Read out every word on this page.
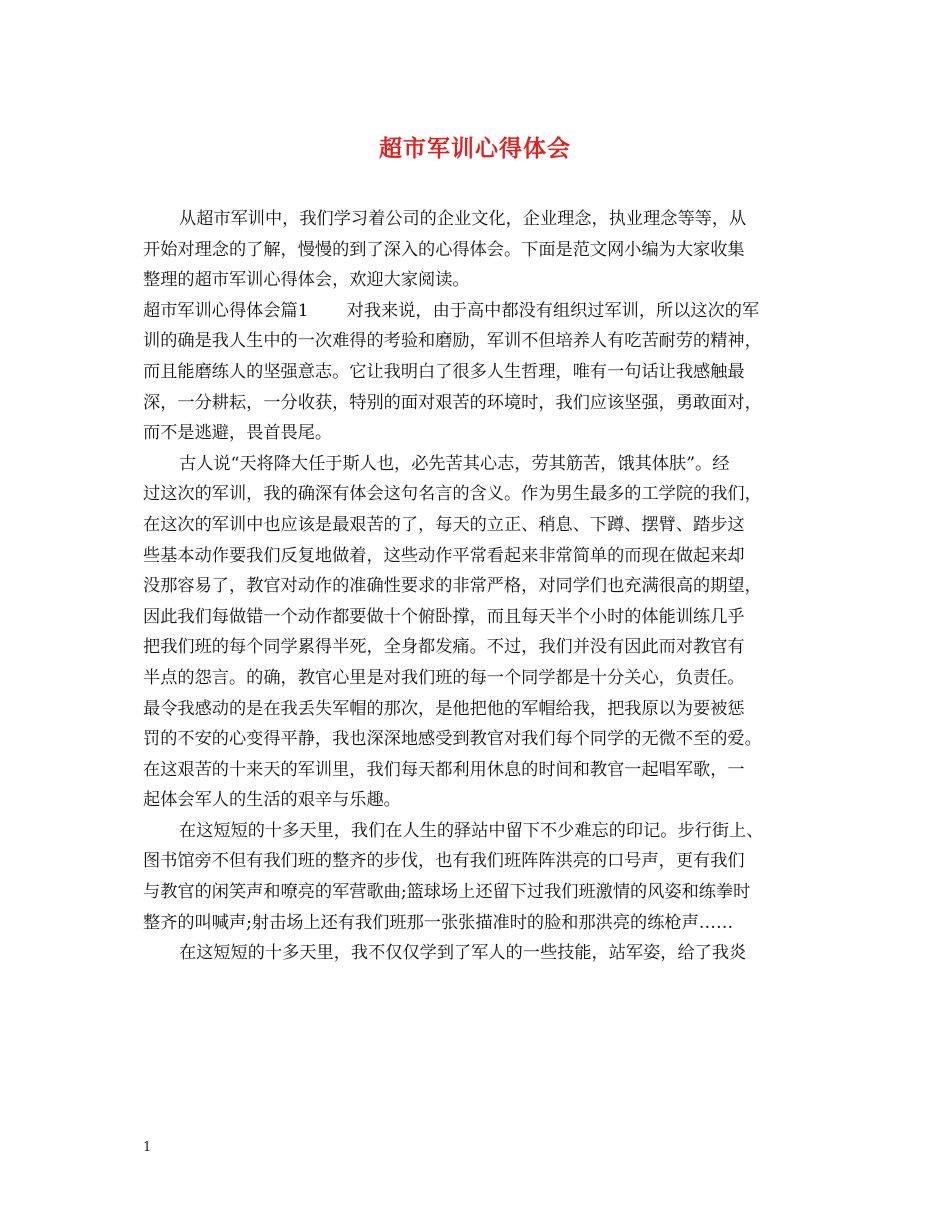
超市军训心得体会
从超市军训中，我们学习着公司的企业文化，企业理念，执业理念等等，从
开始对理念的了解，慢慢的到了深入的心得体会。下面是范文网小编为大家收集
整理的超市军训心得体会，欢迎大家阅读。
超市军训心得体会篇1 对我来说，由于高中都没有组织过军训，所以这次的军
训的确是我人生中的一次难得的考验和磨励，军训不但培养人有吃苦耐劳的精神，
而且能磨练人的坚强意志。它让我明白了很多人生哲理，唯有一句话让我感触最
深，一分耕耘，一分收获，特别的面对艰苦的环境时，我们应该坚强，勇敢面对，
而不是逃避，畏首畏尾。
古人说“天将降大任于斯人也，必先苦其心志，劳其筋苦，饿其体肤”。经
过这次的军训，我的确深有体会这句名言的含义。作为男生最多的工学院的我们，
在这次的军训中也应该是最艰苦的了，每天的立正、稍息、下蹲、摆臂、踏步这
些基本动作要我们反复地做着，这些动作平常看起来非常简单的而现在做起来却
没那容易了，教官对动作的准确性要求的非常严格，对同学们也充满很高的期望，
因此我们每做错一个动作都要做十个俯卧撑，而且每天半个小时的体能训练几乎
把我们班的每个同学累得半死，全身都发痛。不过，我们并没有因此而对教官有
半点的怨言。的确，教官心里是对我们班的每一个同学都是十分关心，负责任。
最令我感动的是在我丢失军帽的那次，是他把他的军帽给我，把我原以为要被惩
罚的不安的心变得平静，我也深深地感受到教官对我们每个同学的无微不至的爱。
在这艰苦的十来天的军训里，我们每天都利用休息的时间和教官一起唱军歌，一
起体会军人的生活的艰辛与乐趣。
在这短短的十多天里，我们在人生的驿站中留下不少难忘的印记。步行街上、
图书馆旁不但有我们班的整齐的步伐，也有我们班阵阵洪亮的口号声，更有我们
与教官的闲笑声和嘹亮的军营歌曲;篮球场上还留下过我们班激情的风姿和练拳时
整齐的叫喊声;射击场上还有我们班那一张张描准时的脸和那洪亮的练枪声……
在这短短的十多天里，我不仅仅学到了军人的一些技能，站军姿，给了我炎
1
